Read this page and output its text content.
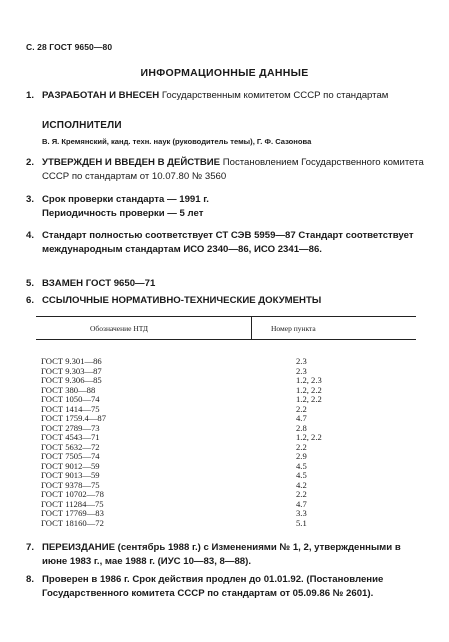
С. 28 ГОСТ 9650—80
ИНФОРМАЦИОННЫЕ ДАННЫЕ
1. РАЗРАБОТАН И ВНЕСЕН Государственным комитетом СССР по стандартам
ИСПОЛНИТЕЛИ
В. Я. Кремянский, канд. техн. наук (руководитель темы), Г. Ф. Сазонова
2. УТВЕРЖДЕН И ВВЕДЕН В ДЕЙСТВИЕ Постановлением Государственного комитета СССР по стандартам от 10.07.80 № 3560
3. Срок проверки стандарта — 1991 г.
Периодичность проверки — 5 лет
4. Стандарт полностью соответствует СТ СЭВ 5959—87 Стандарт соответствует международным стандартам ИСО 2340—86, ИСО 2341—86.
5. ВЗАМЕН ГОСТ 9650—71
6. ССЫЛОЧНЫЕ НОРМАТИВНО-ТЕХНИЧЕСКИЕ ДОКУМЕНТЫ
Обозначение НТД	Номер пункта
ГОСТ 9.301—86
ГОСТ 9.303—87
ГОСТ 9.306—85
ГОСТ 380—88
ГОСТ 1050—74
ГОСТ 1414—75
ГОСТ 1759.4—87
ГОСТ 2789—73
ГОСТ 4543—71
ГОСТ 5632—72
ГОСТ 7505—74
ГОСТ 9012—59
ГОСТ 9013—59
ГОСТ 9378—75
ГОСТ 10702—78
ГОСТ 11284—75
ГОСТ 17769—83
ГОСТ 18160—72
2.3
2.3
1.2, 2.3
1.2, 2.2
1.2, 2.2
2.2
4.7
2.8
1.2, 2.2
2.2
2.9
4.5
4.5
4.2
2.2
4.7
3.3
5.1
7. ПЕРЕИЗДАНИЕ (сентябрь 1988 г.) с Изменениями № 1, 2, утвержденными в июне 1983 г., мае 1988 г. (ИУС 10—83, 8—88).
8. Проверен в 1986 г. Срок действия продлен до 01.01.92. (Постановление Государственного комитета СССР по стандартам от 05.09.86 № 2601).
